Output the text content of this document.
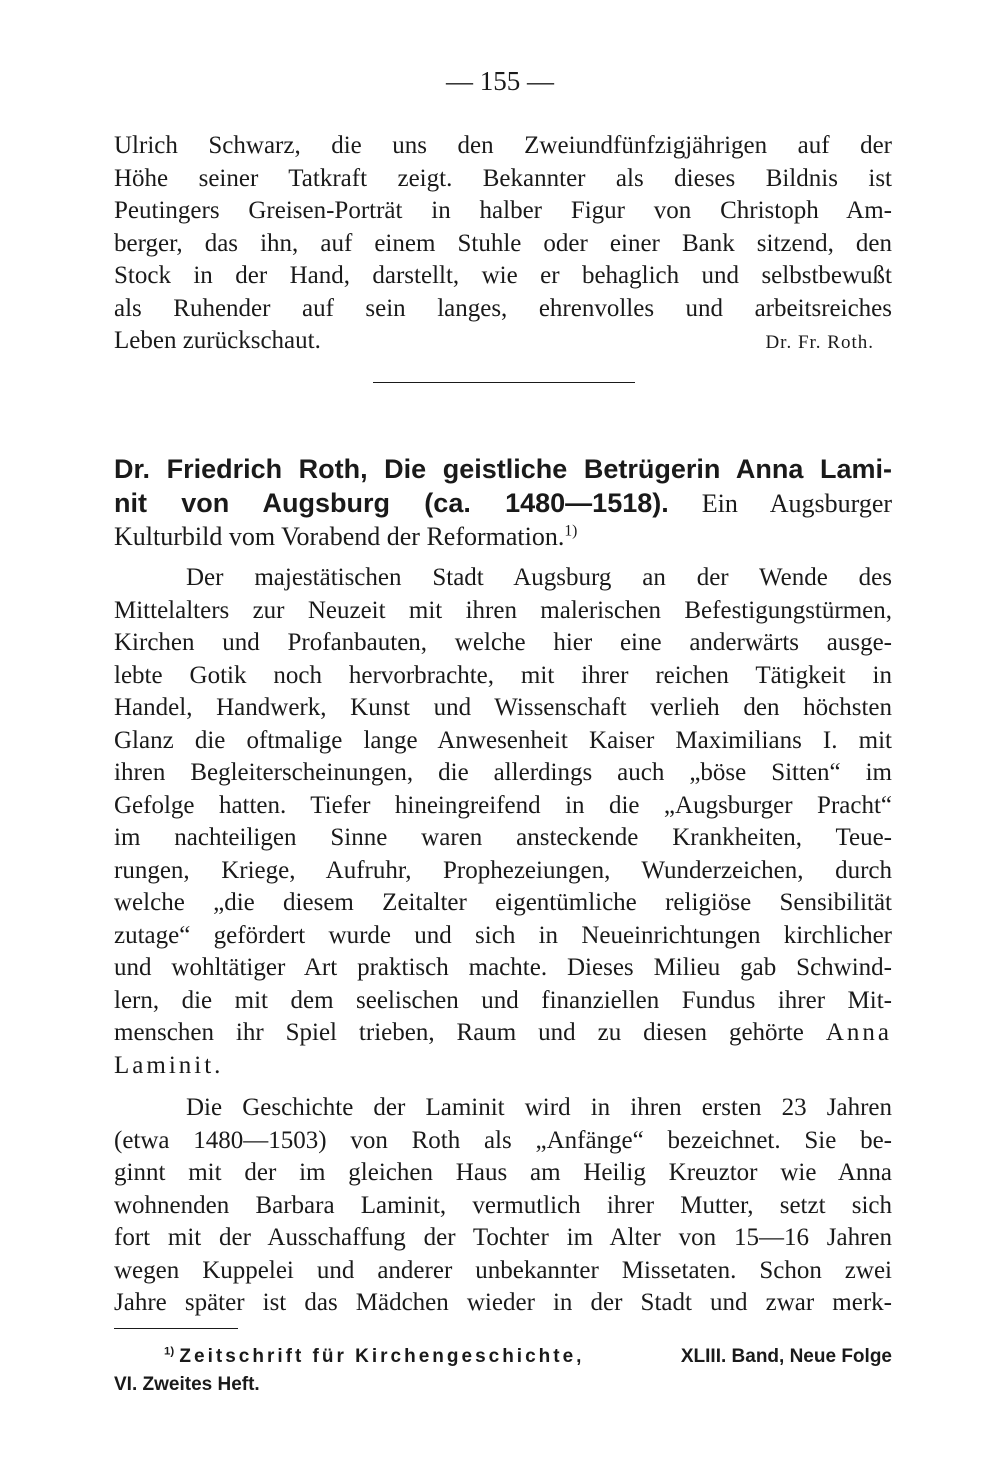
— 155 —
Ulrich Schwarz, die uns den Zweiundfünfzigjährigen auf der
Höhe seiner Tatkraft zeigt. Bekannter als dieses Bildnis ist
Peutingers Greisen-Porträt in halber Figur von Christoph Am-
berger, das ihn, auf einem Stuhle oder einer Bank sitzend, den
Stock in der Hand, darstellt, wie er behaglich und selbstbewußt
als Ruhender auf sein langes, ehrenvolles und arbeitsreiches
Leben zurückschaut.	Dr. Fr. Roth.
Dr. Friedrich Roth, Die geistliche Betrügerin Anna Lami-
nit von Augsburg (ca. 1480—1518). Ein Augsburger
Kulturbild vom Vorabend der Reformation.$^{1)}$
Der majestätischen Stadt Augsburg an der Wende des
Mittelalters zur Neuzeit mit ihren malerischen Befestigungstürmen,
Kirchen und Profanbauten, welche hier eine anderwärts ausge-
lebte Gotik noch hervorbrachte, mit ihrer reichen Tätigkeit in
Handel, Handwerk, Kunst und Wissenschaft verlieh den höchsten
Glanz die oftmalige lange Anwesenheit Kaiser Maximilians I. mit
ihren Begleiterscheinungen, die allerdings auch „böse Sitten“ im
Gefolge hatten. Tiefer hineingreifend in die „Augsburger Pracht“
im nachteiligen Sinne waren ansteckende Krankheiten, Teue-
rungen, Kriege, Aufruhr, Prophezeiungen, Wunderzeichen, durch
welche „die diesem Zeitalter eigentümliche religiöse Sensibilität
zutage“ gefördert wurde und sich in Neueinrichtungen kirchlicher
und wohltätiger Art praktisch machte. Dieses Milieu gab Schwind-
lern, die mit dem seelischen und finanziellen Fundus ihrer Mit-
menschen ihr Spiel trieben, Raum und zu diesen gehörte Anna
Laminit.
Die Geschichte der Laminit wird in ihren ersten 23 Jahren
(etwa 1480—1503) von Roth als „Anfänge“ bezeichnet. Sie be-
ginnt mit der im gleichen Haus am Heilig Kreuztor wie Anna
wohnenden Barbara Laminit, vermutlich ihrer Mutter, setzt sich
fort mit der Ausschaffung der Tochter im Alter von 15—16 Jahren
wegen Kuppelei und anderer unbekannter Missetaten. Schon zwei
Jahre später ist das Mädchen wieder in der Stadt und zwar merk-
$^{1)}$ Zeitschrift für Kirchengeschichte,	XLIII. Band, Neue Folge
VI. Zweites Heft.
